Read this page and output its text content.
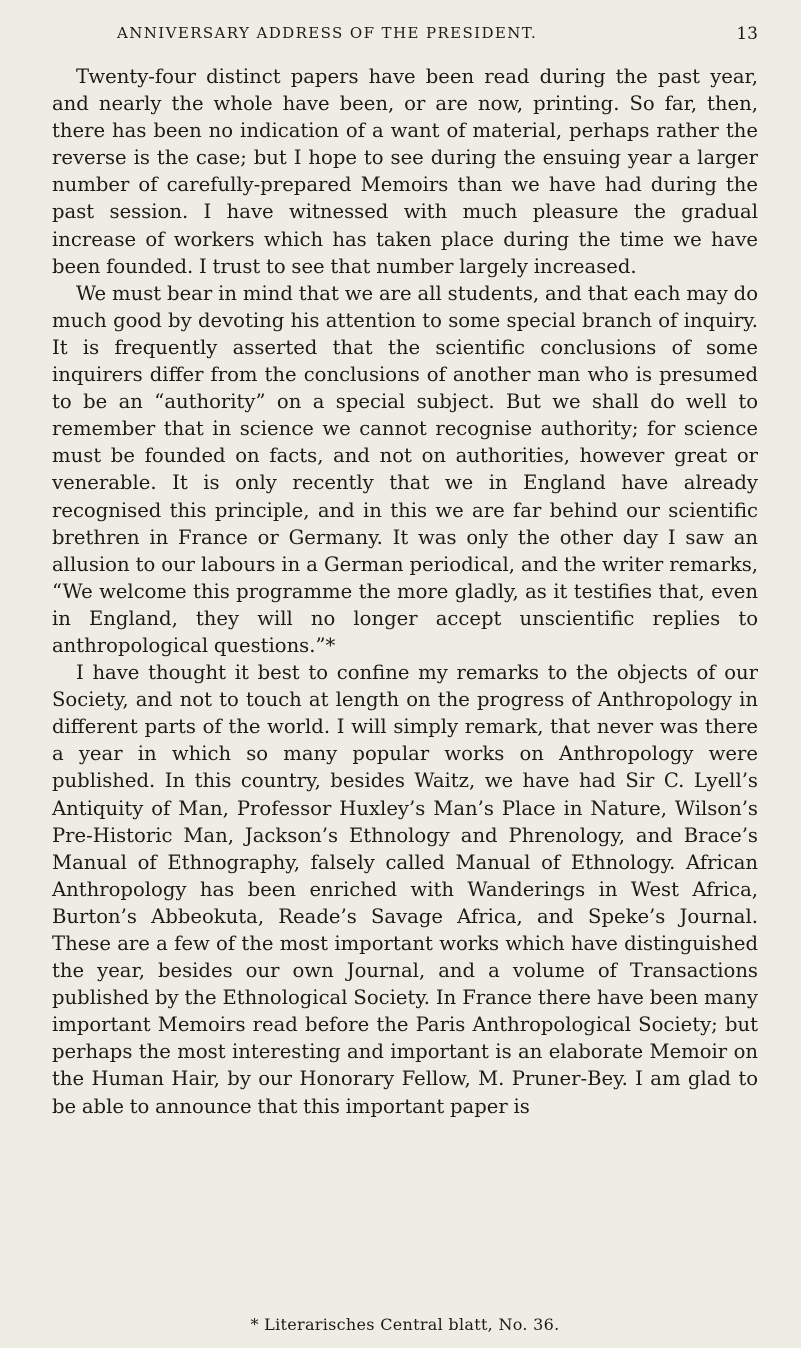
ANNIVERSARY ADDRESS OF THE PRESIDENT.	13

Twenty-four distinct papers have been read during the past year, and nearly the whole have been, or are now, printing. So far, then, there has been no indication of a want of material, perhaps rather the reverse is the case; but I hope to see during the ensuing year a larger number of carefully-prepared Memoirs than we have had during the past session. I have witnessed with much pleasure the gradual increase of workers which has taken place during the time we have been founded. I trust to see that number largely increased.

We must bear in mind that we are all students, and that each may do much good by devoting his attention to some special branch of inquiry. It is frequently asserted that the scientific conclusions of some inquirers differ from the conclusions of another man who is presumed to be an “authority” on a special subject. But we shall do well to remember that in science we cannot recognise authority; for science must be founded on facts, and not on authorities, however great or venerable. It is only recently that we in England have already recognised this principle, and in this we are far behind our scientific brethren in France or Germany. It was only the other day I saw an allusion to our labours in a German periodical, and the writer remarks, “We welcome this programme the more gladly, as it testifies that, even in England, they will no longer accept unscientific replies to anthropological questions.”*

I have thought it best to confine my remarks to the objects of our Society, and not to touch at length on the progress of Anthropology in different parts of the world. I will simply remark, that never was there a year in which so many popular works on Anthropology were published. In this country, besides Waitz, we have had Sir C. Lyell’s Antiquity of Man, Professor Huxley’s Man’s Place in Nature, Wilson’s Pre-Historic Man, Jackson’s Ethnology and Phrenology, and Brace’s Manual of Ethnography, falsely called Manual of Ethnology. African Anthropology has been enriched with Wanderings in West Africa, Burton’s Abbeokuta, Reade’s Savage Africa, and Speke’s Journal. These are a few of the most important works which have distinguished the year, besides our own Journal, and a volume of Transactions published by the Ethnological Society. In France there have been many important Memoirs read before the Paris Anthropological Society; but perhaps the most interesting and important is an elaborate Memoir on the Human Hair, by our Honorary Fellow, M. Pruner-Bey. I am glad to be able to announce that this important paper is

* Literarisches Central blatt, No. 36.
